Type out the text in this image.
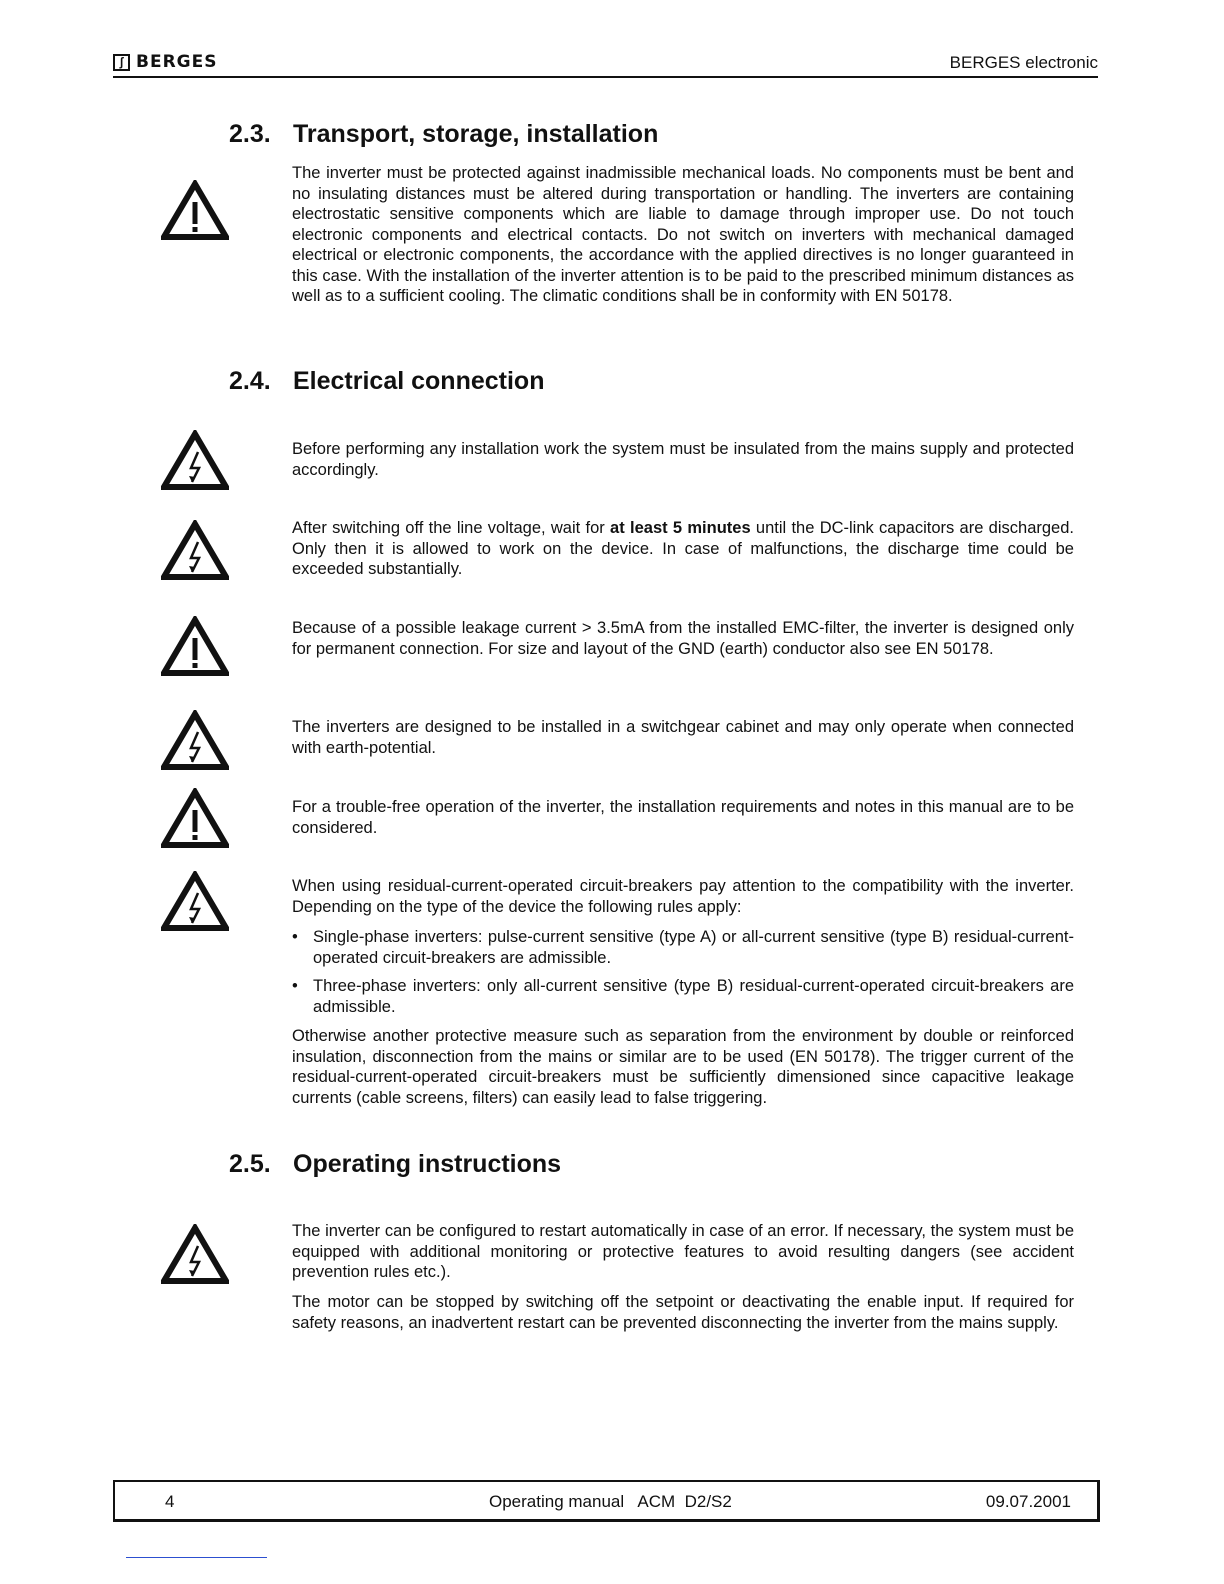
ʃ BERGES	BERGES electronic
2.3. Transport, storage, installation

The inverter must be protected against inadmissible mechanical loads. No components must be bent and no insulating distances must be altered during transportation or handling. The inverters are containing electrostatic sensitive components which are liable to damage through improper use. Do not touch electronic components and electrical contacts. Do not switch on inverters with mechanical damaged electrical or electronic components, the accordance with the applied directives is no longer guaranteed in this case. With the installation of the inverter attention is to be paid to the prescribed minimum distances as well as to a sufficient cooling. The climatic conditions shall be in conformity with EN 50178.

2.4. Electrical connection

Before performing any installation work the system must be insulated from the mains supply and protected accordingly.

After switching off the line voltage, wait for at least 5 minutes until the DC-link capacitors are discharged. Only then it is allowed to work on the device. In case of malfunctions, the discharge time could be exceeded substantially.

Because of a possible leakage current > 3.5mA from the installed EMC-filter, the inverter is designed only for permanent connection. For size and layout of the GND (earth) conductor also see EN 50178.

The inverters are designed to be installed in a switchgear cabinet and may only operate when connected with earth-potential.

For a trouble-free operation of the inverter, the installation requirements and notes in this manual are to be considered.

When using residual-current-operated circuit-breakers pay attention to the compatibility with the inverter. Depending on the type of the device the following rules apply:

• Single-phase inverters: pulse-current sensitive (type A) or all-current sensitive (type B) residual-current-operated circuit-breakers are admissible.
• Three-phase inverters: only all-current sensitive (type B) residual-current-operated circuit-breakers are admissible.

Otherwise another protective measure such as separation from the environment by double or reinforced insulation, disconnection from the mains or similar are to be used (EN 50178). The trigger current of the residual-current-operated circuit-breakers must be sufficiently dimensioned since capacitive leakage currents (cable screens, filters) can easily lead to false triggering.

2.5. Operating instructions

The inverter can be configured to restart automatically in case of an error. If necessary, the system must be equipped with additional monitoring or protective features to avoid resulting dangers (see accident prevention rules etc.).

The motor can be stopped by switching off the setpoint or deactivating the enable input. If required for safety reasons, an inadvertent restart can be prevented disconnecting the inverter from the mains supply.

4	Operating manual   ACM  D2/S2	09.07.2001
